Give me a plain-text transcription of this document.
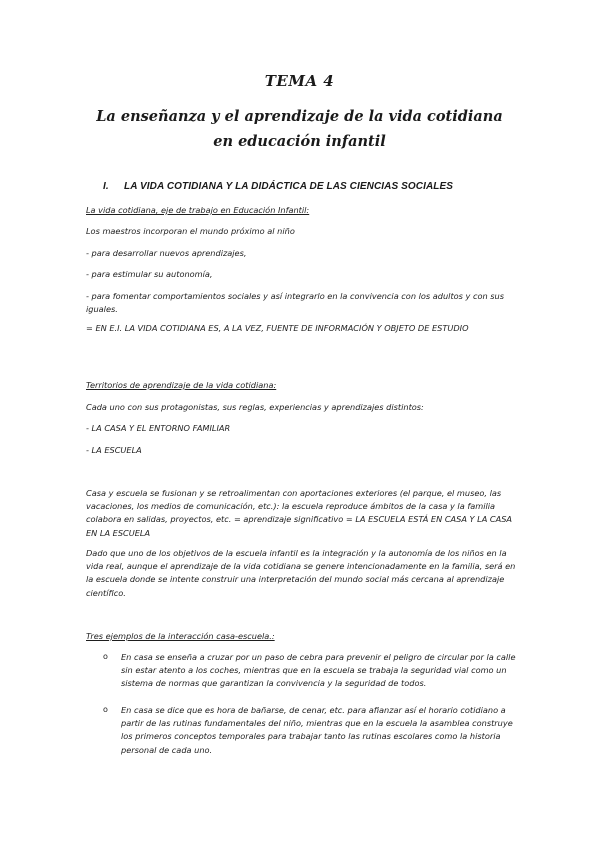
TEMA 4
La enseñanza y el aprendizaje de la vida cotidiana
en educación infantil
I. LA VIDA COTIDIANA Y LA DIDÁCTICA DE LAS CIENCIAS SOCIALES
La vida cotidiana, eje de trabajo en Educación Infantil:
Los maestros incorporan el mundo próximo al niño
- para desarrollar nuevos aprendizajes,
- para estimular su autonomía,
- para fomentar comportamientos sociales y así integrarlo en la convivencia con los adultos y con sus iguales.
= EN E.I. LA VIDA COTIDIANA ES, A LA VEZ, FUENTE DE INFORMACIÓN Y OBJETO DE ESTUDIO
Territorios de aprendizaje de la vida cotidiana:
Cada uno con sus protagonistas, sus reglas, experiencias y aprendizajes distintos:
- LA CASA Y EL ENTORNO FAMILIAR
- LA ESCUELA
Casa y escuela se fusionan y se retroalimentan con aportaciones exteriores (el parque, el museo, las vacaciones, los medios de comunicación, etc.): la escuela reproduce ámbitos de la casa y la familia colabora en salidas, proyectos, etc. = aprendizaje significativo = LA ESCUELA ESTÁ EN CASA Y LA CASA EN LA ESCUELA
Dado que uno de los objetivos de la escuela infantil es la integración y la autonomía de los niños en la vida real, aunque el aprendizaje de la vida cotidiana se genere intencionadamente en la familia, será en la escuela donde se intente construir una interpretación del mundo social más cercana al aprendizaje científico.
Tres ejemplos de la interacción casa-escuela.:
o En casa se enseña a cruzar por un paso de cebra para prevenir el peligro de circular por la calle sin estar atento a los coches, mientras que en la escuela se trabaja la seguridad vial como un sistema de normas que garantizan la convivencia y la seguridad de todos.
o En casa se dice que es hora de bañarse, de cenar, etc. para afianzar así el horario cotidiano a partir de las rutinas fundamentales del niño, mientras que en la escuela la asamblea construye los primeros conceptos temporales para trabajar tanto las rutinas escolares como la historia personal de cada uno.
